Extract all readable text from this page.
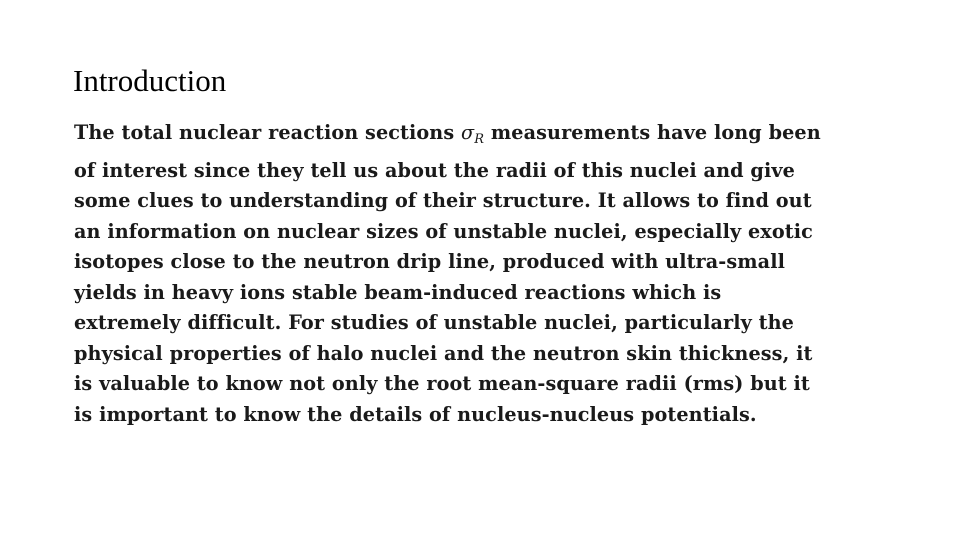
Introduction
The total nuclear reaction sections $\sigma_R$ measurements have long been
of interest since they tell us about the radii of this nuclei and give
some clues to understanding of their structure. It allows to find out
an information on nuclear sizes of unstable nuclei, especially exotic
isotopes close to the neutron drip line, produced with ultra-small
yields in heavy ions stable beam-induced reactions which is
extremely difficult. For studies of unstable nuclei, particularly the
physical properties of halo nuclei and the neutron skin thickness, it
is valuable to know not only the root mean-square radii (rms) but it
is important to know the details of nucleus-nucleus potentials.
